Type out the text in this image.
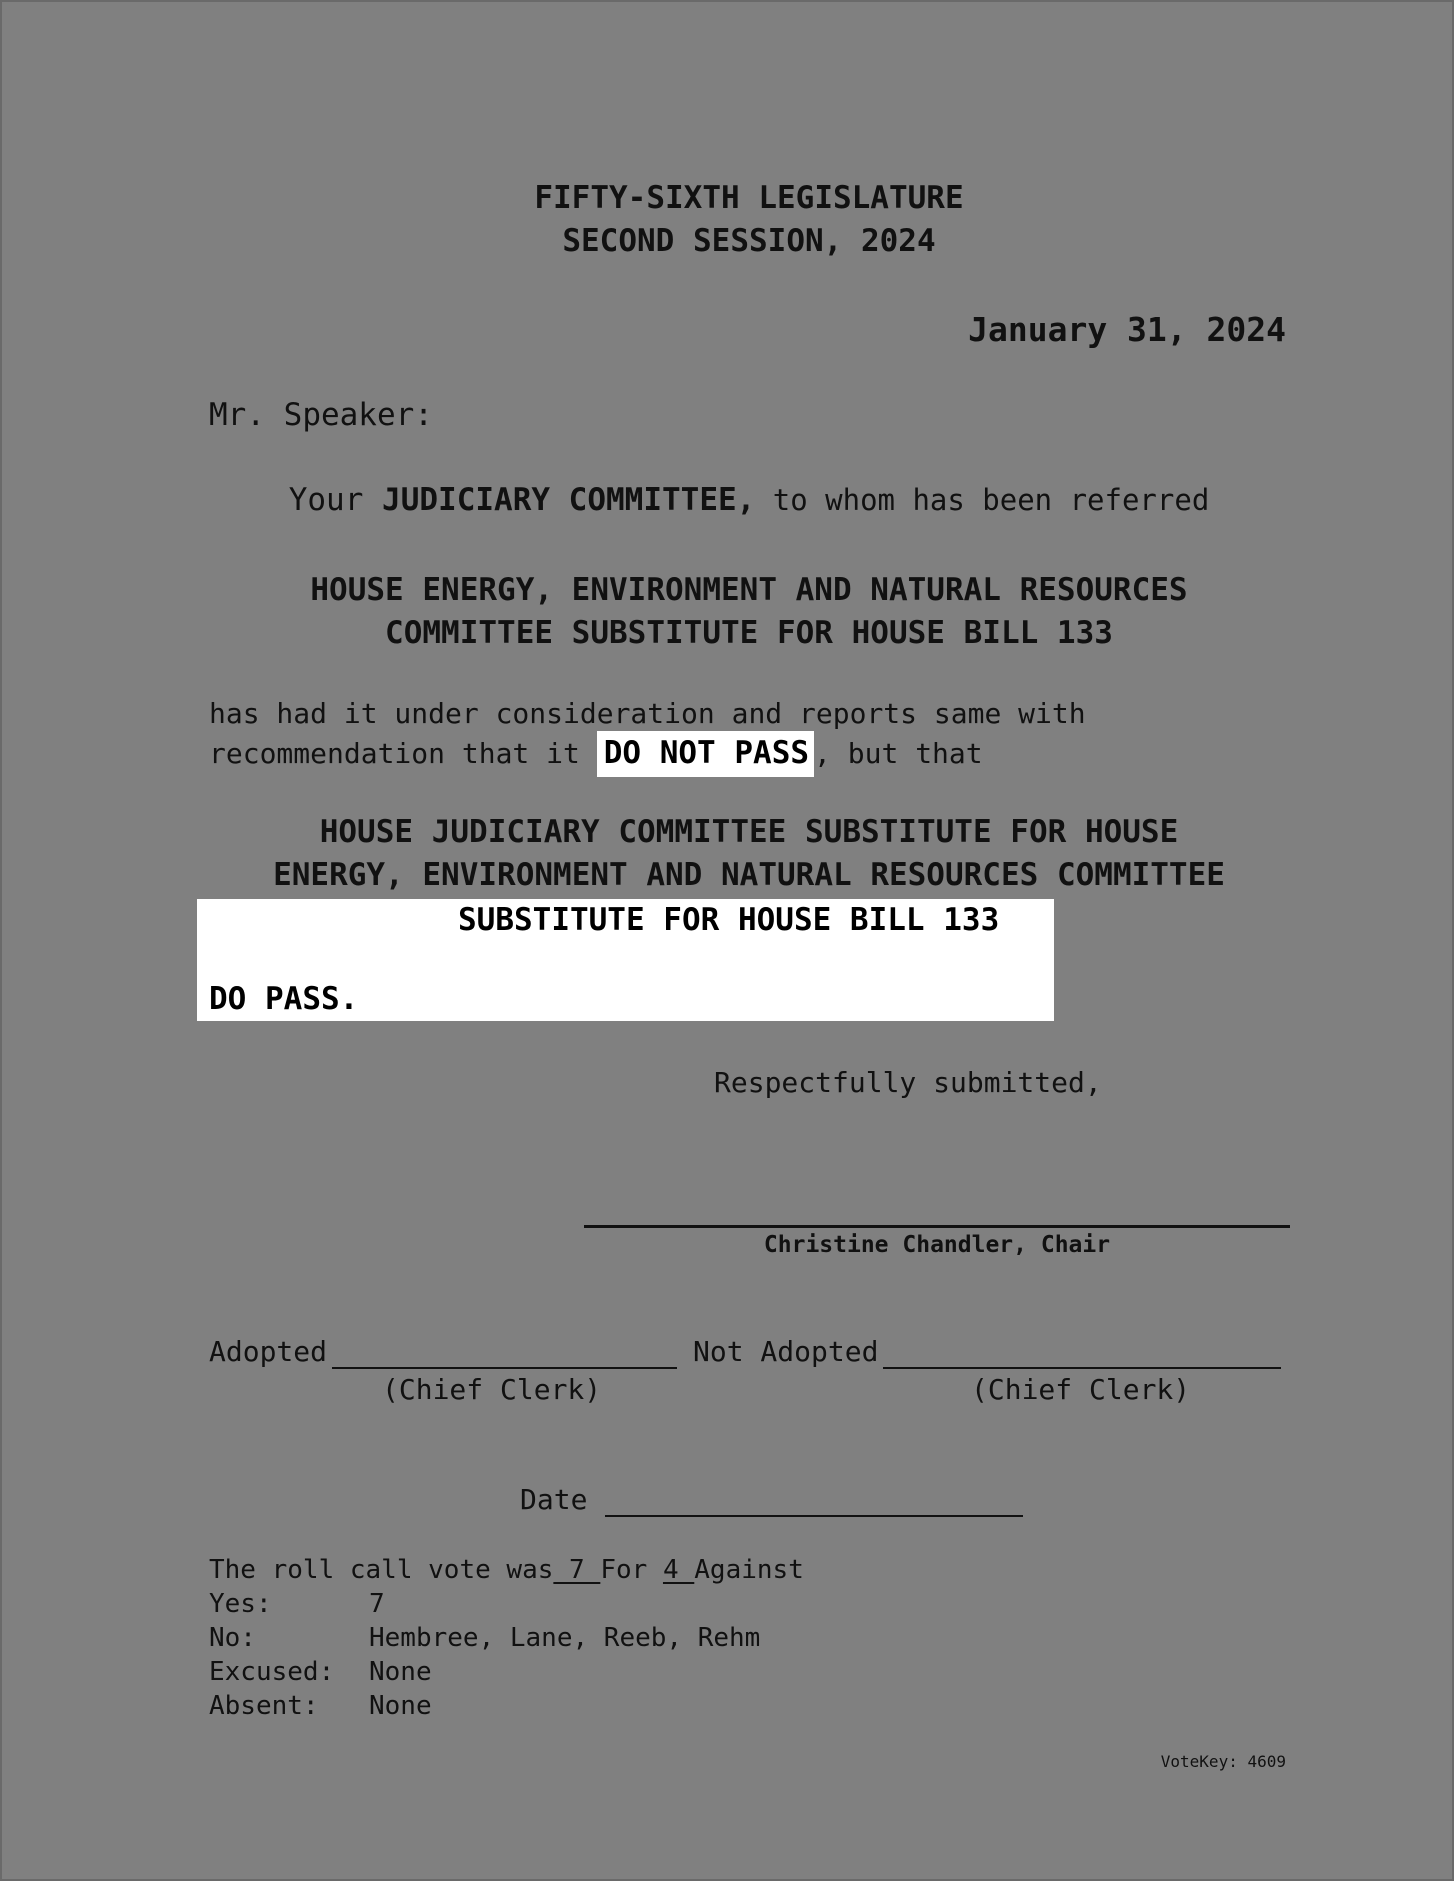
FIFTY-SIXTH LEGISLATURE
SECOND SESSION, 2024
January 31, 2024
Mr. Speaker:
Your JUDICIARY COMMITTEE, to whom has been referred
HOUSE ENERGY, ENVIRONMENT AND NATURAL RESOURCES
COMMITTEE SUBSTITUTE FOR HOUSE BILL 133
has had it under consideration and reports same with
recommendation that it DO NOT PASS , but that
HOUSE JUDICIARY COMMITTEE SUBSTITUTE FOR HOUSE
ENERGY, ENVIRONMENT AND NATURAL RESOURCES COMMITTEE
SUBSTITUTE FOR HOUSE BILL 133
DO PASS.
Respectfully submitted,
Christine Chandler, Chair
Adopted	Not Adopted
(Chief Clerk)	(Chief Clerk)
Date
The roll call vote was 7 For 4 Against
Yes:	7
No:	Hembree, Lane, Reeb, Rehm
Excused: None
Absent: None
VoteKey: 4609
